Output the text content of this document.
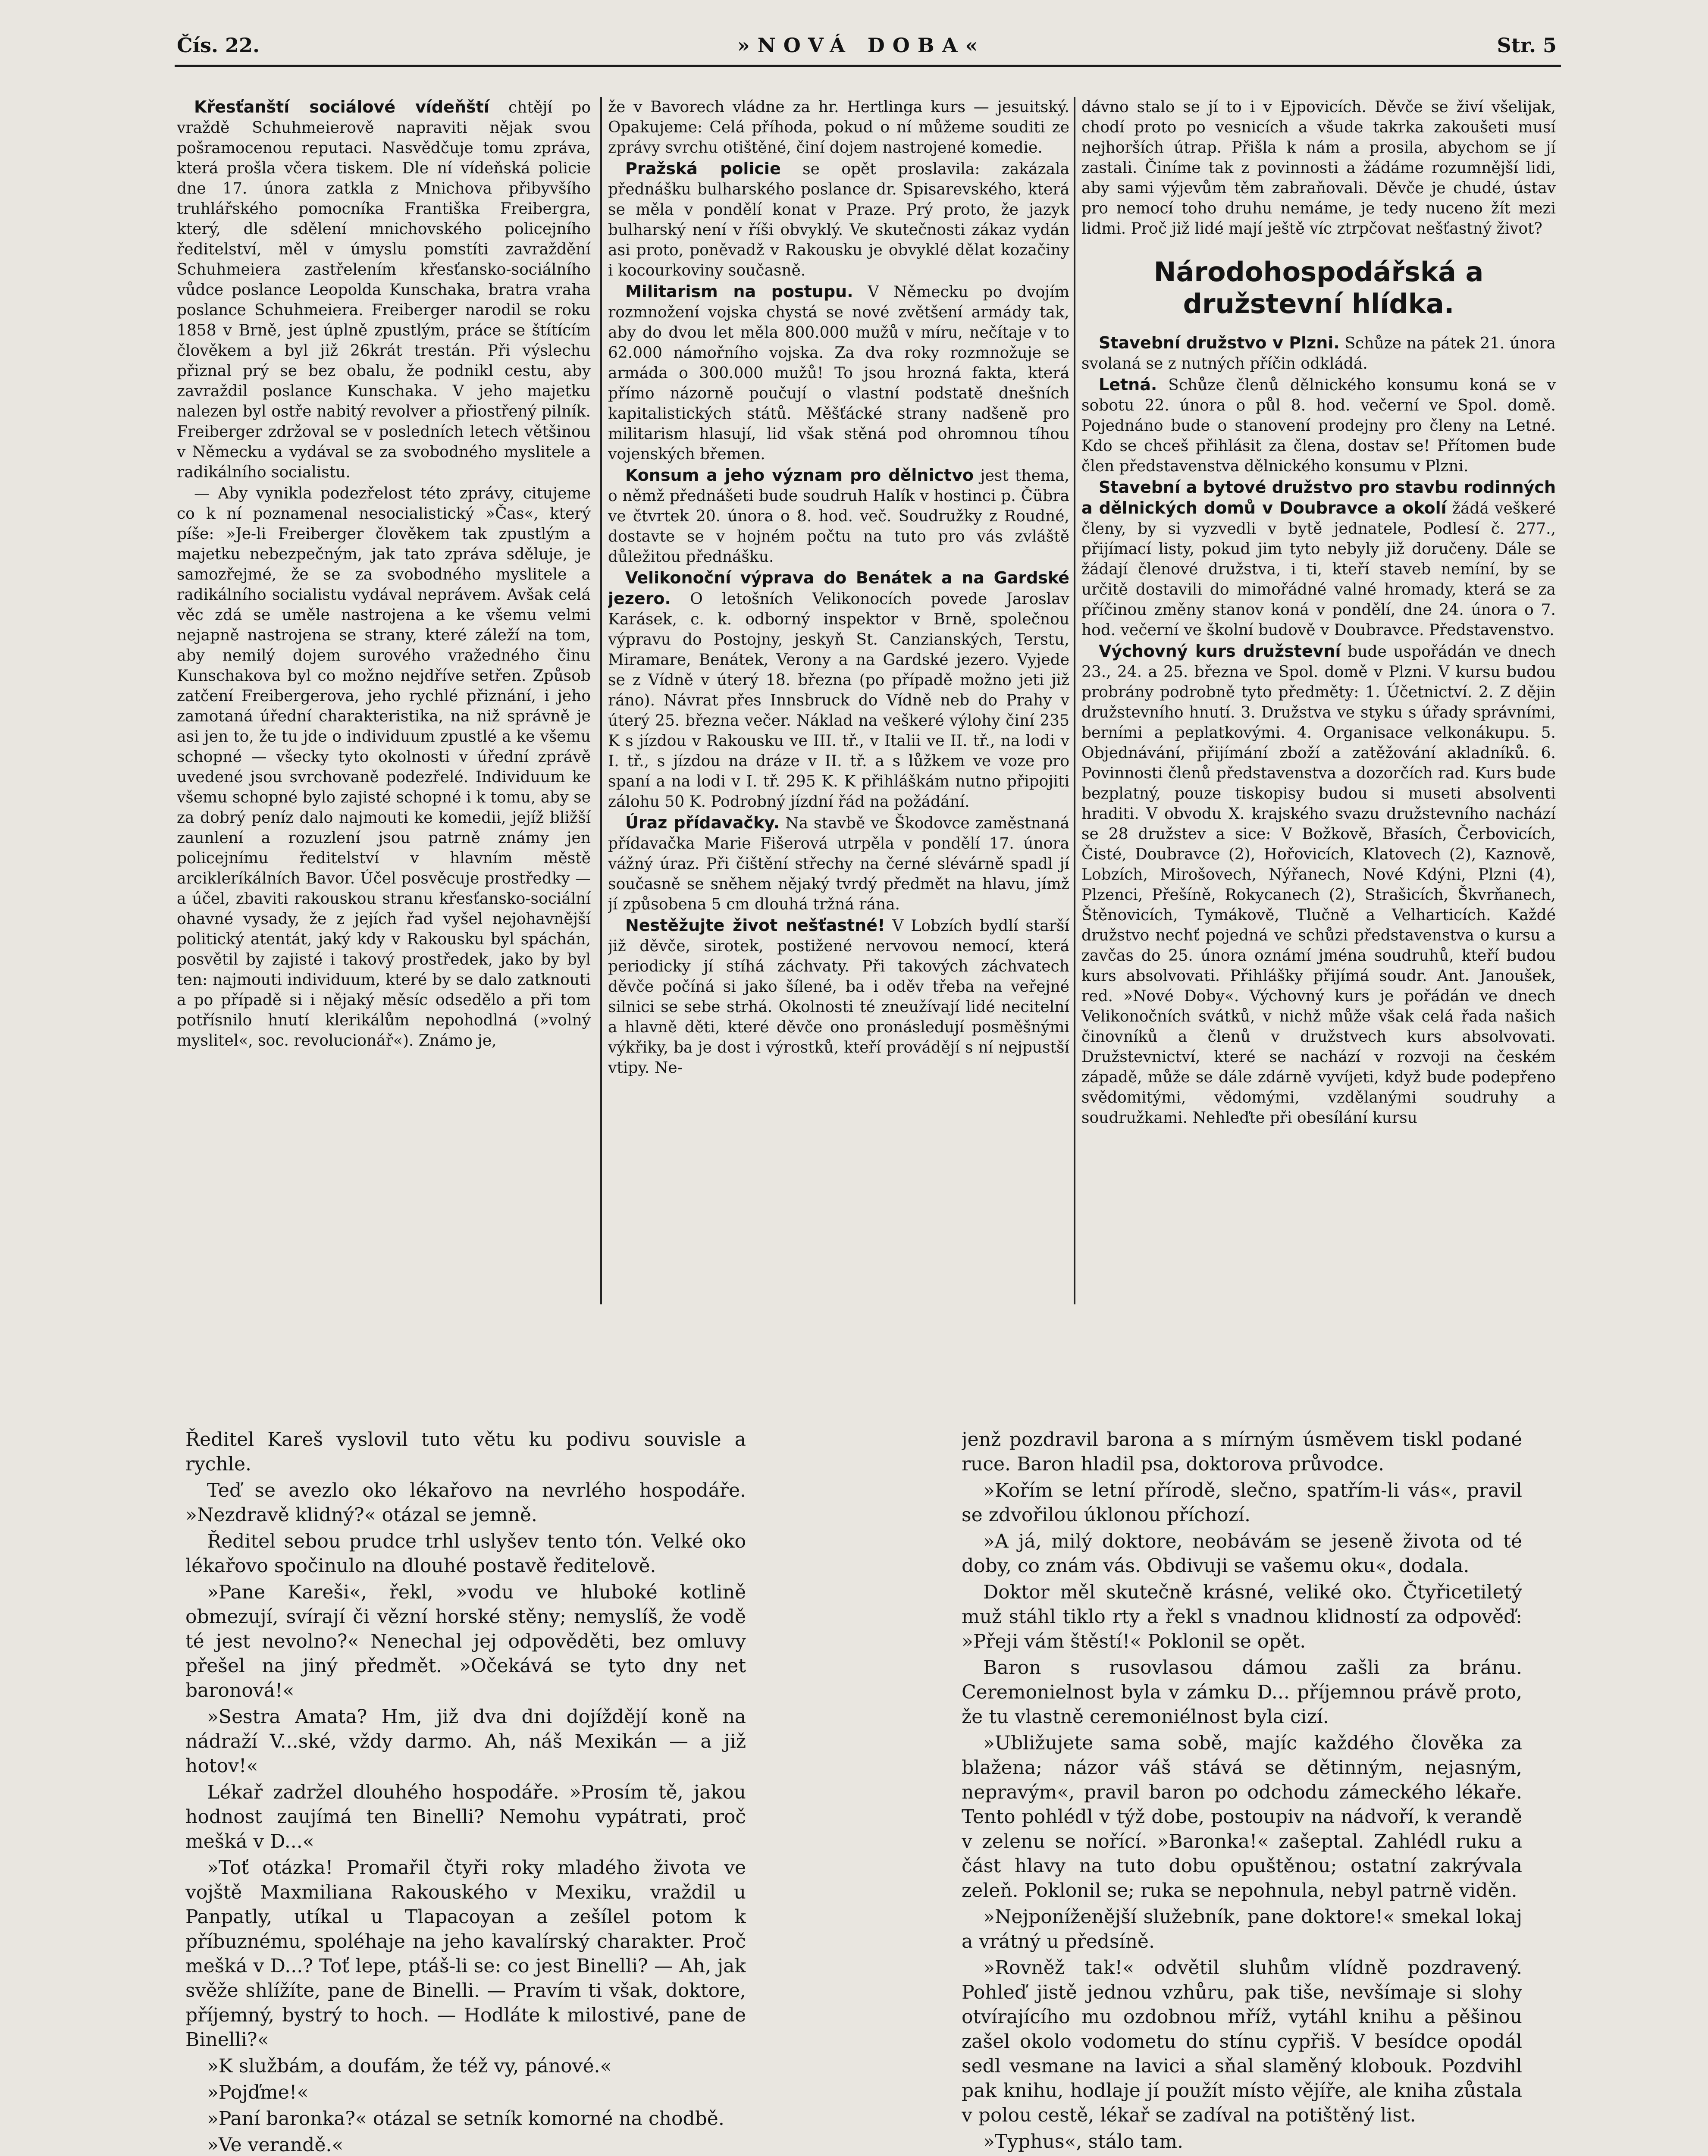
Čís. 22.	»NOVÁ DOBA«	Str. 5

Křesťanští sociálové vídeňští chtějí po vraždě Schuhmeierově napraviti nějak svou pošramocenou reputaci. Nasvědčuje tomu zpráva, která prošla včera tiskem. Dle ní vídeňská policie dne 17. února zatkla z Mnichova přibyvšího truhlářského pomocníka Františka Freibergra, který, dle sdělení mnichovského policejního ředitelství, měl v úmyslu pomstíti zavraždění Schuhmeiera zastřelením křesťansko-sociálního vůdce poslance Leopolda Kunschaka, bratra vraha poslance Schuhmeiera. Freiberger narodil se roku 1858 v Brně, jest úplně zpustlým, práce se štítícím člověkem a byl již 26krát trestán. Při výslechu přiznal prý se bez obalu, že podnikl cestu, aby zavraždil poslance Kunschaka. V jeho majetku nalezen byl ostře nabitý revolver a přiostřený pilník. Freiberger zdržoval se v posledních letech většinou v Německu a vydával se za svobodného myslitele a radikálního socialistu.

— Aby vynikla podezřelost této zprávy, citujeme co k ní poznamenal nesocialistický »Čas«, který píše: »Je-li Freiberger člověkem tak zpustlým a majetku nebezpečným, jak tato zpráva sděluje, je samozřejmé, že se za svobodného myslitele a radikálního socialistu vydával neprávem. Avšak celá věc zdá se uměle nastrojena a ke všemu velmi nejapně nastrojena se strany, které záleží na tom, aby nemilý dojem surového vražedného činu Kunschakova byl co možno nejdříve setřen. Způsob zatčení Freibergerova, jeho rychlé přiznání, i jeho zamotaná úřední charakteristika, na niž správně je asi jen to, že tu jde o individuum zpustlé a ke všemu schopné — všecky tyto okolnosti v úřední zprávě uvedené jsou svrchovaně podezřelé. Individuum ke všemu schopné bylo zajisté schopné i k tomu, aby se za dobrý peníz dalo najmouti ke komedii, jejíž bližší zaunlení a rozuzlení jsou patrně známy jen policejnímu ředitelství v hlavním městě arcikleríkálních Bavor. Účel posvěcuje prostředky — a účel, zbaviti rakouskou stranu křesťansko-sociální ohavné vysady, že z jejích řad vyšel nejohavnější politický atentát, jaký kdy v Rakousku byl spáchán, posvětil by zajisté i takový prostředek, jako by byl ten: najmouti individuum, které by se dalo zatknouti a po případě si i nějaký měsíc odsedělo a při tom potřísnilo hnutí klerikálům nepohodlná (»volný myslitel«, soc. revolucionář«). Známo je,

že v Bavorech vládne za hr. Hertlinga kurs — jesuitský. Opakujeme: Celá příhoda, pokud o ní můžeme souditi ze zprávy svrchu otištěné, činí dojem nastrojené komedie.

Pražská policie se opět proslavila: zakázala přednášku bulharského poslance dr. Spisarevského, která se měla v pondělí konat v Praze. Prý proto, že jazyk bulharský není v říši obvyklý. Ve skutečnosti zákaz vydán asi proto, poněvadž v Rakousku je obvyklé dělat kozačiny i kocourkoviny současně.

Militarism na postupu. V Německu po dvojím rozmnožení vojska chystá se nové zvětšení armády tak, aby do dvou let měla 800.000 mužů v míru, nečítaje v to 62.000 námořního vojska. Za dva roky rozmnožuje se armáda o 300.000 mužů! To jsou hrozná fakta, která přímo názorně poučují o vlastní podstatě dnešních kapitalistických států. Měšťácké strany nadšeně pro militarism hlasují, lid však stěná pod ohromnou tíhou vojenských břemen.

Konsum a jeho význam pro dělnictvo jest thema, o němž přednášeti bude soudruh Halík v hostinci p. Čübra ve čtvrtek 20. února o 8. hod. več. Soudružky z Roudné, dostavte se v hojném počtu na tuto pro vás zvláště důležitou přednášku.

Velikonoční výprava do Benátek a na Gardské jezero. O letošních Velikonocích povede Jaroslav Karásek, c. k. odborný inspektor v Brně, společnou výpravu do Postojny, jeskyň St. Canzianských, Terstu, Miramare, Benátek, Verony a na Gardské jezero. Vyjede se z Vídně v úterý 18. března (po případě možno jeti již ráno). Návrat přes Innsbruck do Vídně neb do Prahy v úterý 25. března večer. Náklad na veškeré výlohy činí 235 K s jízdou v Rakousku ve III. tř., v Italii ve II. tř., na lodi v I. tř., s jízdou na dráze v II. tř. a s lůžkem ve voze pro spaní a na lodi v I. tř. 295 K. K přihláškám nutno připojiti zálohu 50 K. Podrobný jízdní řád na požádání.

Úraz přídavačky. Na stavbě ve Škodovce zaměstnaná přídavačka Marie Fišerová utrpěla v pondělí 17. února vážný úraz. Při čištění střechy na černé slévárně spadl jí současně se sněhem nějaký tvrdý předmět na hlavu, jímž jí způsobena 5 cm dlouhá tržná rána.

Nestěžujte život nešťastné! V Lobzích bydlí starší již děvče, sirotek, postižené nervovou nemocí, která periodicky jí stíhá záchvaty. Při takových záchvatech děvče počíná si jako šílené, ba i oděv třeba na veřejné silnici se sebe strhá. Okolnosti té zneužívají lidé necitelní a hlavně děti, které děvče ono pronásledují posměšnými výkřiky, ba je dost i výrostků, kteří provádějí s ní nejpustší vtipy. Ne-

dávno stalo se jí to i v Ejpovicích. Děvče se živí všelijak, chodí proto po vesnicích a všude takrka zakoušeti musí nejhorších útrap. Přišla k nám a prosila, abychom se jí zastali. Činíme tak z povinnosti a žádáme rozumnější lidi, aby sami výjevům těm zabraňovali. Děvče je chudé, ústav pro nemocí toho druhu nemáme, je tedy nuceno žít mezi lidmi. Proč již lidé mají ještě víc ztrpčovat nešťastný život?

Národohospodářská a družstevní hlídka.

Stavební družstvo v Plzni. Schůze na pátek 21. února svolaná se z nutných příčin odkládá.

Letná. Schůze členů dělnického konsumu koná se v sobotu 22. února o půl 8. hod. večerní ve Spol. domě. Pojednáno bude o stanovení prodejny pro členy na Letné. Kdo se chceš přihlásit za člena, dostav se! Přítomen bude člen představenstva dělnického konsumu v Plzni.

Stavební a bytové družstvo pro stavbu rodinných a dělnických domů v Doubravce a okolí žádá veškeré členy, by si vyzvedli v bytě jednatele, Podlesí č. 277., přijímací listy, pokud jim tyto nebyly již doručeny. Dále se žádají členové družstva, i ti, kteří staveb nemíní, by se určitě dostavili do mimořádné valné hromady, která se za příčinou změny stanov koná v pondělí, dne 24. února o 7. hod. večerní ve školní budově v Doubravce. Představenstvo.

Výchovný kurs družstevní bude uspořádán ve dnech 23., 24. a 25. března ve Spol. domě v Plzni. V kursu budou probrány podrobně tyto předměty: 1. Účetnictví. 2. Z dějin družstevního hnutí. 3. Družstva ve styku s úřady správními, berními a peplatkovými. 4. Organisace velkonákupu. 5. Objednávání, přijímání zboží a zatěžování akladníků. 6. Povinnosti členů představenstva a dozorčích rad. Kurs bude bezplatný, pouze tiskopisy budou si museti absolventi hraditi. V obvodu X. krajského svazu družstevního nachází se 28 družstev a sice: V Božkově, Břasích, Čerbovicích, Čisté, Doubravce (2), Hořovicích, Klatovech (2), Kaznově, Lobzích, Mirošovech, Nýřanech, Nové Kdýni, Plzni (4), Plzenci, Přešíně, Rokycanech (2), Strašicích, Škvrňanech, Štěnovicích, Tymákově, Tlučně a Velharticích. Každé družstvo nechť pojedná ve schůzi představenstva o kursu a zavčas do 25. února oznámí jména soudruhů, kteří budou kurs absolvovati. Přihlášky přijímá soudr. Ant. Janoušek, red. »Nové Doby«. Výchovný kurs je pořádán ve dnech Velikonočních svátků, v nichž může však celá řada našich činovníků a členů v družstvech kurs absolvovati. Družstevnictví, které se nachází v rozvoji na českém západě, může se dále zdárně vyvíjeti, když bude podepřeno svědomitými, vědomými, vzdělanými soudruhy a soudružkami. Nehleďte při obesílání kursu

Ředitel Kareš vyslovil tuto větu ku podivu souvisle a rychle.

Teď se avezlo oko lékařovo na nevrlého hospodáře. »Nezdravě klidný?« otázal se jemně.

Ředitel sebou prudce trhl uslyšev tento tón. Velké oko lékařovo spočinulo na dlouhé postavě ředitelově.

»Pane Kareši«, řekl, »vodu ve hluboké kotlině obmezují, svírají či vězní horské stěny; nemyslíš, že vodě té jest nevolno?« Nenechal jej odpověděti, bez omluvy přešel na jiný předmět. »Očekává se tyto dny net baronová!«

»Sestra Amata? Hm, již dva dni dojíždějí koně na nádraží V...ské, vždy darmo. Ah, náš Mexikán — a již hotov!«

Lékař zadržel dlouhého hospodáře. »Prosím tě, jakou hodnost zaujímá ten Binelli? Nemohu vypátrati, proč mešká v D...«

»Toť otázka! Promařil čtyři roky mladého života ve vojště Maxmiliana Rakouského v Mexiku, vraždil u Panpatly, utíkal u Tlapacoyan a zešílel potom k příbuznému, spoléhaje na jeho kavalírský charakter. Proč mešká v D...? Toť lepe, ptáš-li se: co jest Binelli? — Ah, jak svěže shlížíte, pane de Binelli. — Pravím ti však, doktore, příjemný, bystrý to hoch. — Hodláte k milostivé, pane de Binelli?«

»K službám, a doufám, že též vy, pánové.«

»Pojďme!«

»Paní baronka?« otázal se setník komorné na chodbě.

»Ve verandě.«

jenž pozdravil barona a s mírným úsměvem tiskl podané ruce. Baron hladil psa, doktorova průvodce.

»Kořím se letní přírodě, slečno, spatřím-li vás«, pravil se zdvořilou úklonou příchozí.

»A já, milý doktore, neobávám se jeseně života od té doby, co znám vás. Obdivuji se vašemu oku«, dodala.

Doktor měl skutečně krásné, veliké oko. Čtyřicetiletý muž stáhl tiklo rty a řekl s vnadnou klidností za odpověď: »Přeji vám štěstí!« Poklonil se opět.

Baron s rusovlasou dámou zašli za bránu. Ceremonielnost byla v zámku D... příjemnou právě proto, že tu vlastně ceremoniélnost byla cizí.

»Ubližujete sama sobě, majíc každého člověka za blaženа; názor váš stává se dětinným, nejasným, nepravým«, pravil baron po odchodu zámeckého lékaře. Tento pohlédl v týž dobe, postoupiv na nádvoří, k verandě v zelenu se nořící. »Baronka!« zašeptal. Zahlédl ruku a část hlavy na tuto dobu opuštěnou; ostatní zakrývala zeleň. Poklonil se; ruka se nepohnula, nebyl patrně viděn.

»Nejponíženější služebník, pane doktore!« smekal lokaj a vrátný u předsíně.

»Rovněž tak!« odvětil sluhům vlídně pozdravený. Pohleď jistě jednou vzhůru, pak tiše, nevšímaje si slohy otvírajícího mu ozdobnou mříž, vytáhl knihu a pěšinou zašel okolo vodometu do stínu cypřiš. V besídce opodál sedl vesmane na lavici a sňal slaměný klobouk. Pozdvihl pak knihu, hodlaje jí použít místo vějíře, ale kniha zůstala v polou cestě, lékař se zadíval na potištěný list.

»Typhus«, stálo tam.
